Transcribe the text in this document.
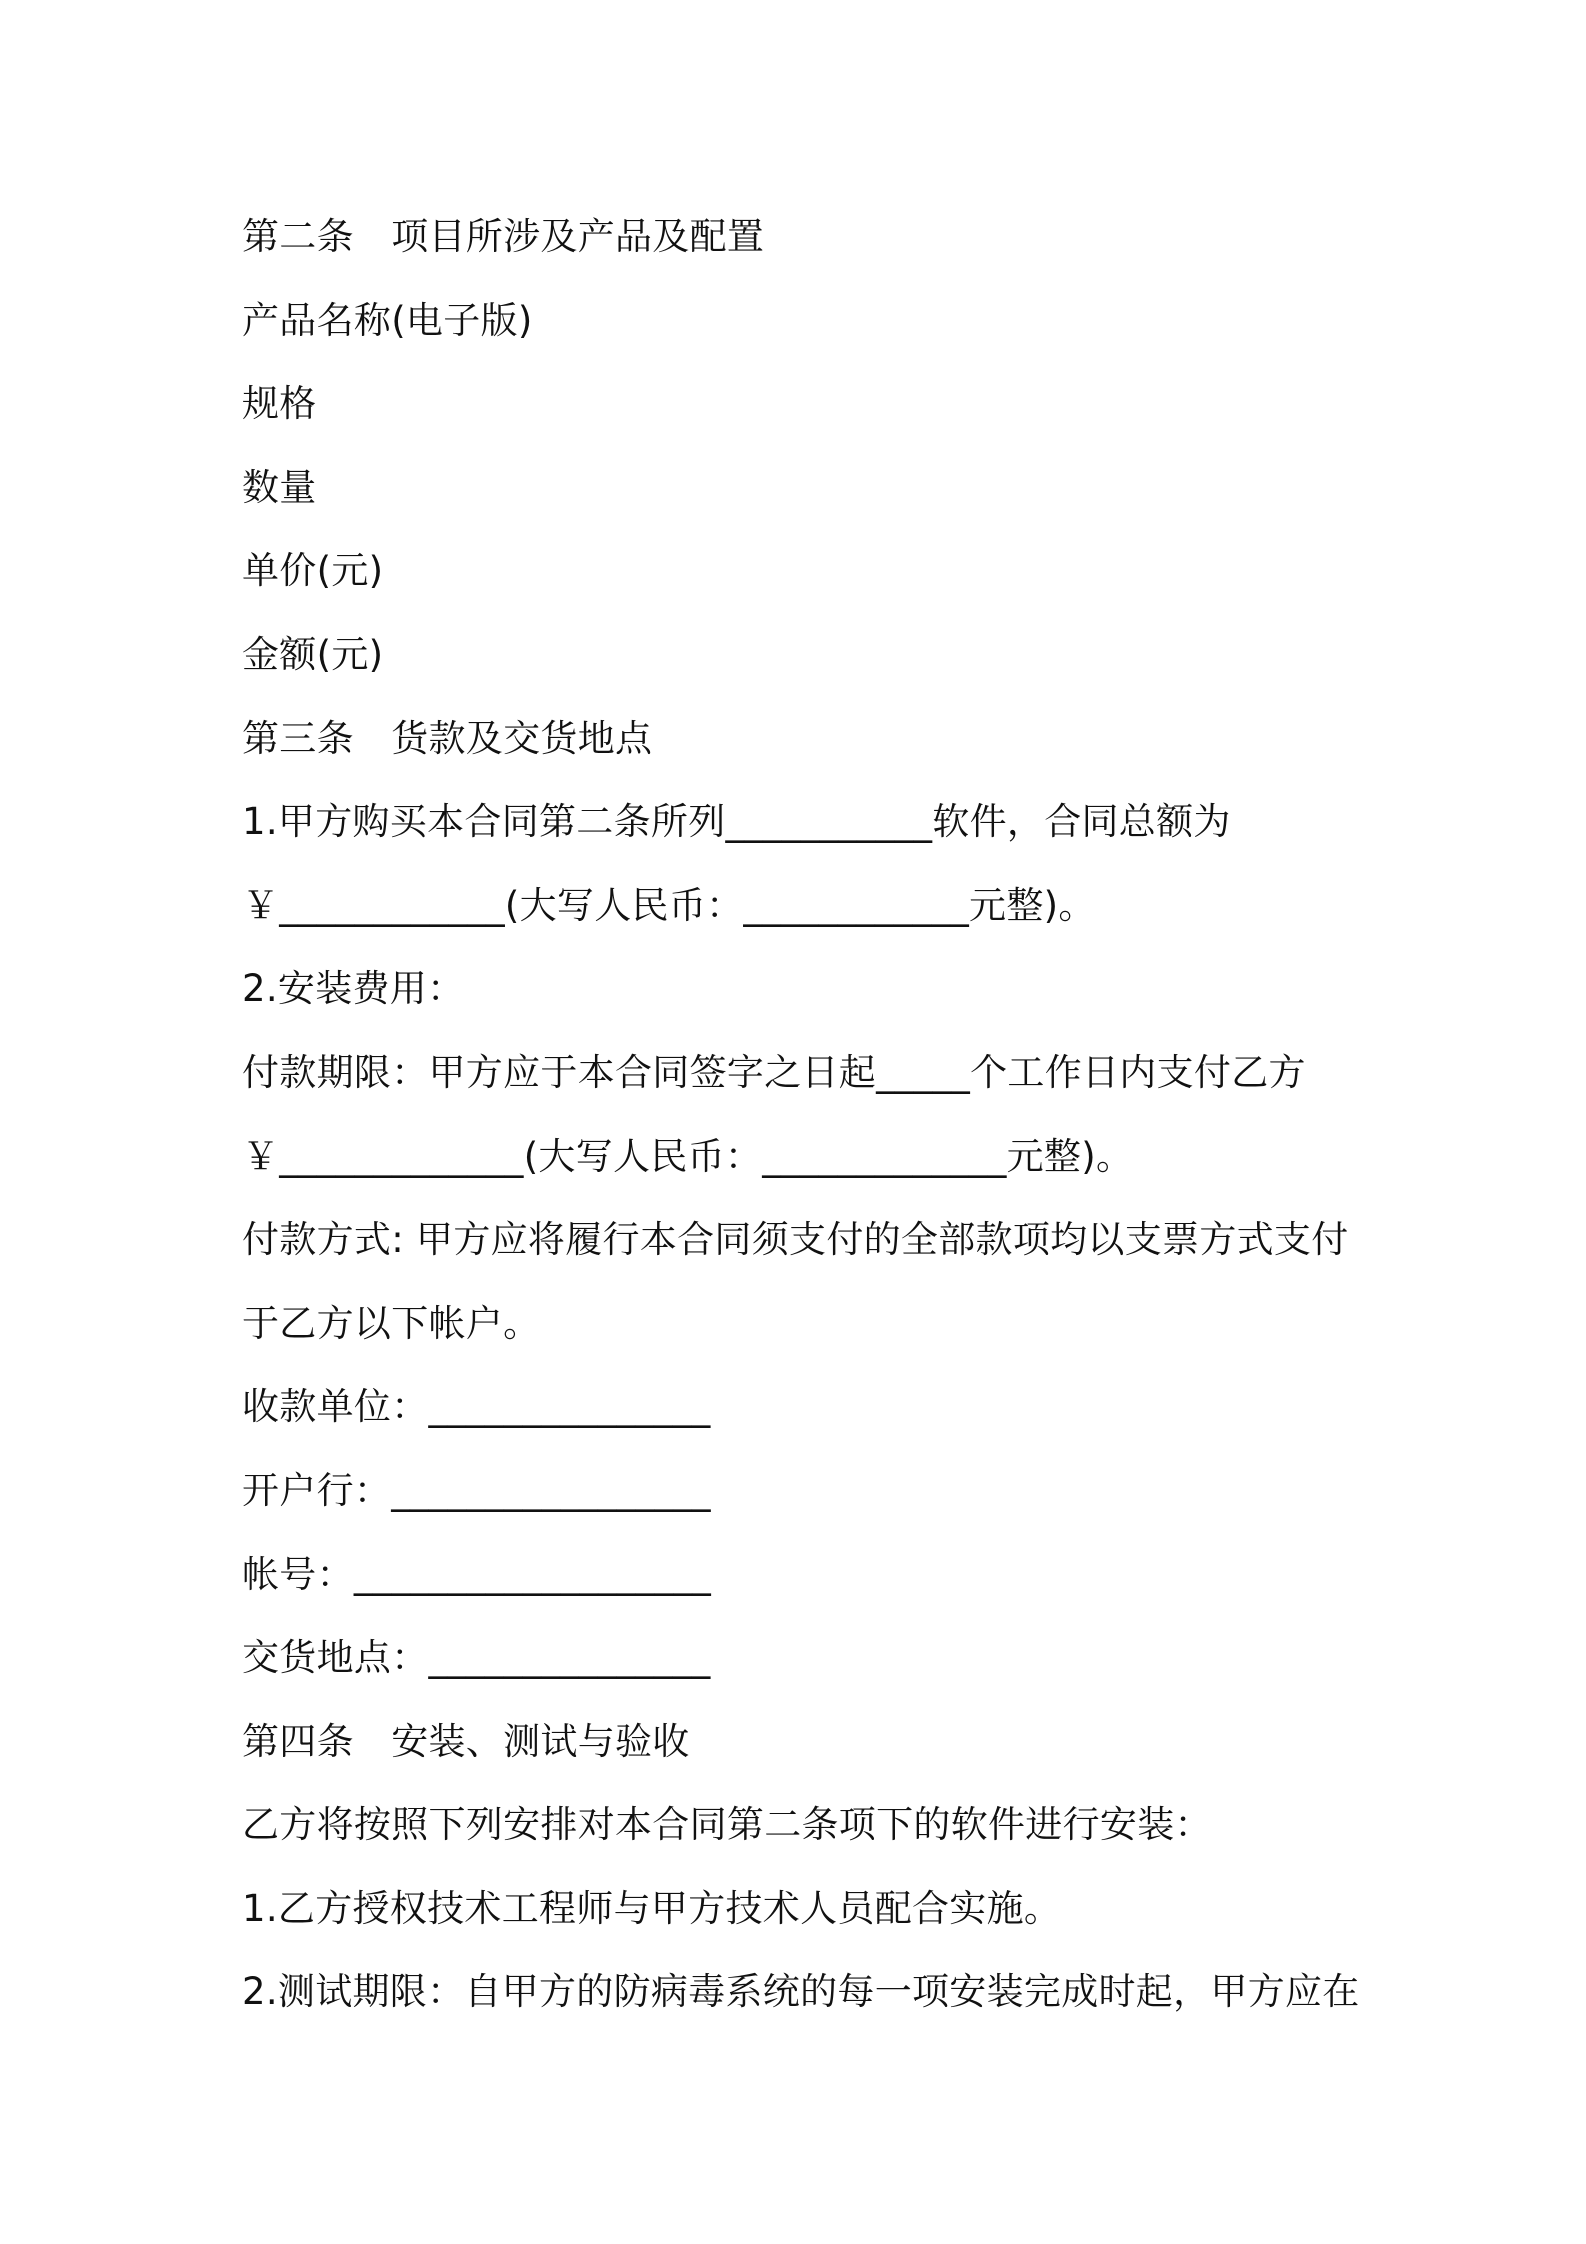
第二条　项目所涉及产品及配置
产品名称(电子版)
规格
数量
单价(元)
金额(元)
第三条　货款及交货地点
1.甲方购买本合同第二条所列___________软件，合同总额为
￥____________(大写人民币：____________元整)。
2.安装费用：
付款期限：甲方应于本合同签字之日起_____个工作日内支付乙方
￥_____________(大写人民币：_____________元整)。
付款方式: 甲方应将履行本合同须支付的全部款项均以支票方式支付
于乙方以下帐户。
收款单位：_______________
开户行：_________________
帐号：___________________
交货地点：_______________
第四条　安装、测试与验收
乙方将按照下列安排对本合同第二条项下的软件进行安装：
1.乙方授权技术工程师与甲方技术人员配合实施。
2.测试期限：自甲方的防病毒系统的每一项安装完成时起，甲方应在
